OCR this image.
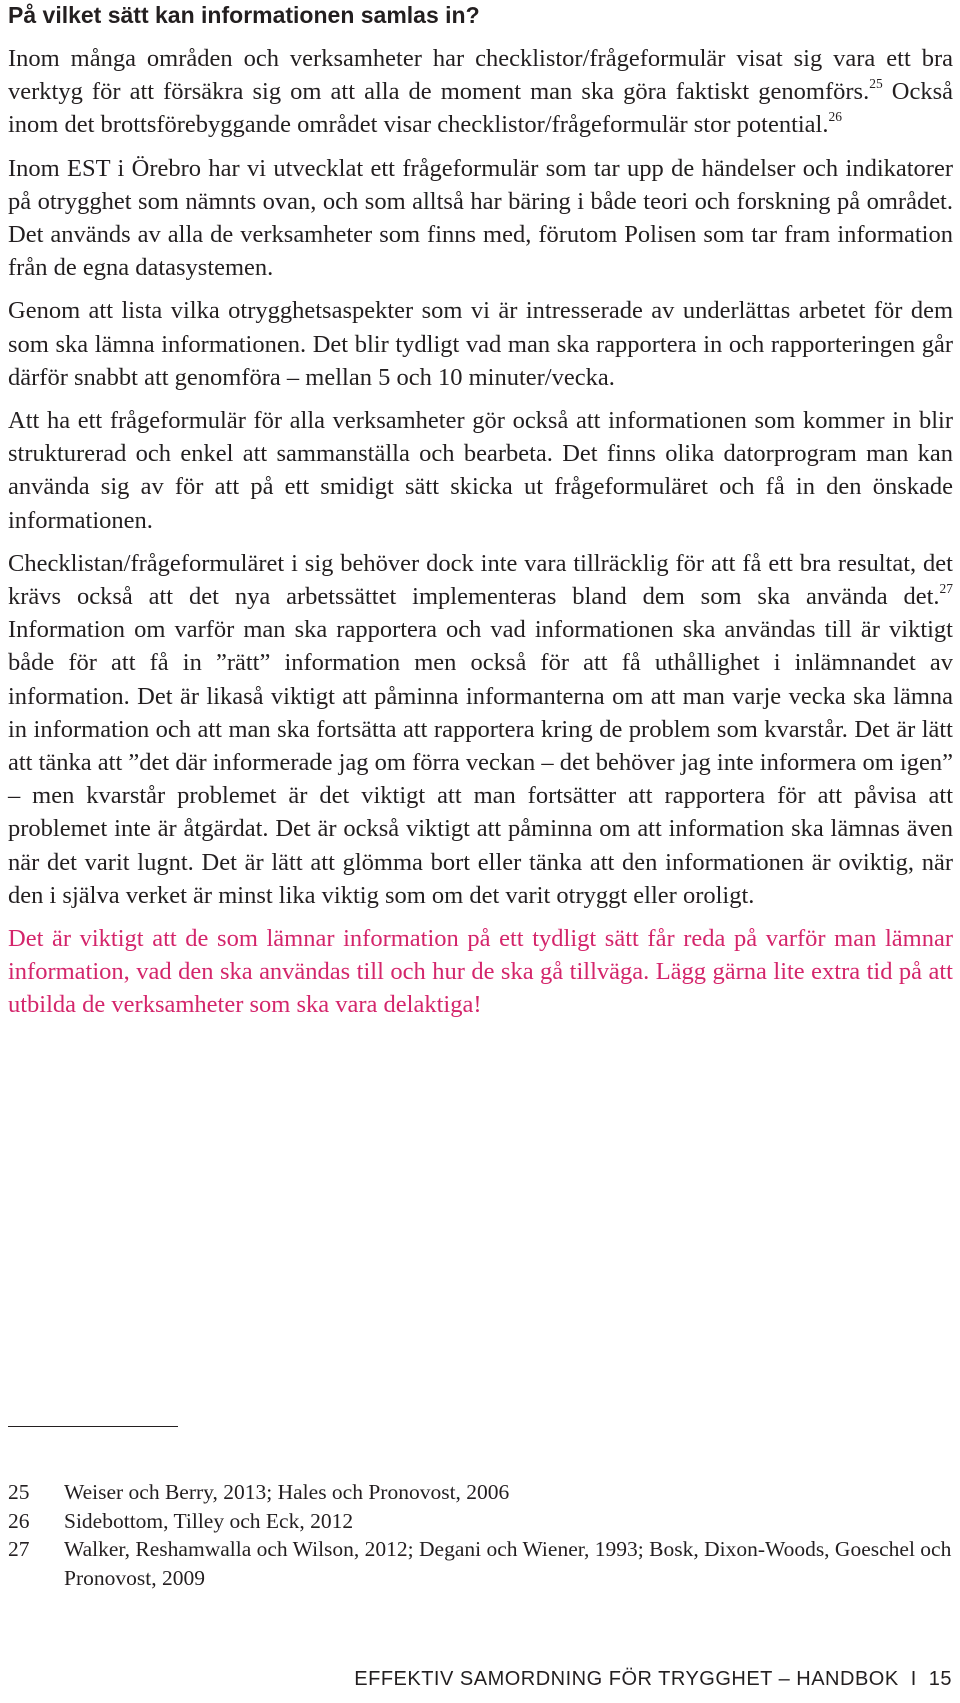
På vilket sätt kan informationen samlas in?

Inom många områden och verksamheter har checklistor/frågeformulär visat sig vara ett bra verktyg för att försäkra sig om att alla de moment man ska göra faktiskt genomförs.$^{25}$ Också inom det brottsförebyggande området visar checklistor/frågeformulär stor potential.$^{26}$

Inom EST i Örebro har vi utvecklat ett frågeformulär som tar upp de händelser och indikatorer på otrygghet som nämnts ovan, och som alltså har bäring i både teori och forskning på området. Det används av alla de verksamheter som finns med, förutom Polisen som tar fram information från de egna datasystemen.

Genom att lista vilka otrygghetsaspekter som vi är intresserade av underlättas arbetet för dem som ska lämna informationen. Det blir tydligt vad man ska rapportera in och rapporteringen går därför snabbt att genomföra – mellan 5 och 10 minuter/vecka.

Att ha ett frågeformulär för alla verksamheter gör också att informationen som kommer in blir strukturerad och enkel att sammanställa och bearbeta. Det finns olika datorprogram man kan använda sig av för att på ett smidigt sätt skicka ut frågeformuläret och få in den önskade informationen.

Checklistan/frågeformuläret i sig behöver dock inte vara tillräcklig för att få ett bra resultat, det krävs också att det nya arbetssättet implementeras bland dem som ska använda det.$^{27}$ Information om varför man ska rapportera och vad informationen ska användas till är viktigt både för att få in ”rätt” information men också för att få uthållighet i inlämnandet av information. Det är likaså viktigt att påminna informanterna om att man varje vecka ska lämna in information och att man ska fortsätta att rapportera kring de problem som kvarstår. Det är lätt att tänka att ”det där informerade jag om förra veckan – det behöver jag inte informera om igen” – men kvarstår problemet är det viktigt att man fortsätter att rapportera för att påvisa att problemet inte är åtgärdat. Det är också viktigt att påminna om att information ska lämnas även när det varit lugnt. Det är lätt att glömma bort eller tänka att den informationen är oviktig, när den i själva verket är minst lika viktig som om det varit otryggt eller oroligt.

Det är viktigt att de som lämnar information på ett tydligt sätt får reda på varför man lämnar information, vad den ska användas till och hur de ska gå tillväga. Lägg gärna lite extra tid på att utbilda de verksamheter som ska vara delaktiga!

25	Weiser och Berry, 2013; Hales och Pronovost, 2006
26	Sidebottom, Tilley och Eck, 2012
27	Walker, Reshamwalla och Wilson, 2012; Degani och Wiener, 1993; Bosk, Dixon-Woods, Goeschel och Pronovost, 2009
EFFEKTIV SAMORDNING FÖR TRYGGHET – HANDBOK I 15
